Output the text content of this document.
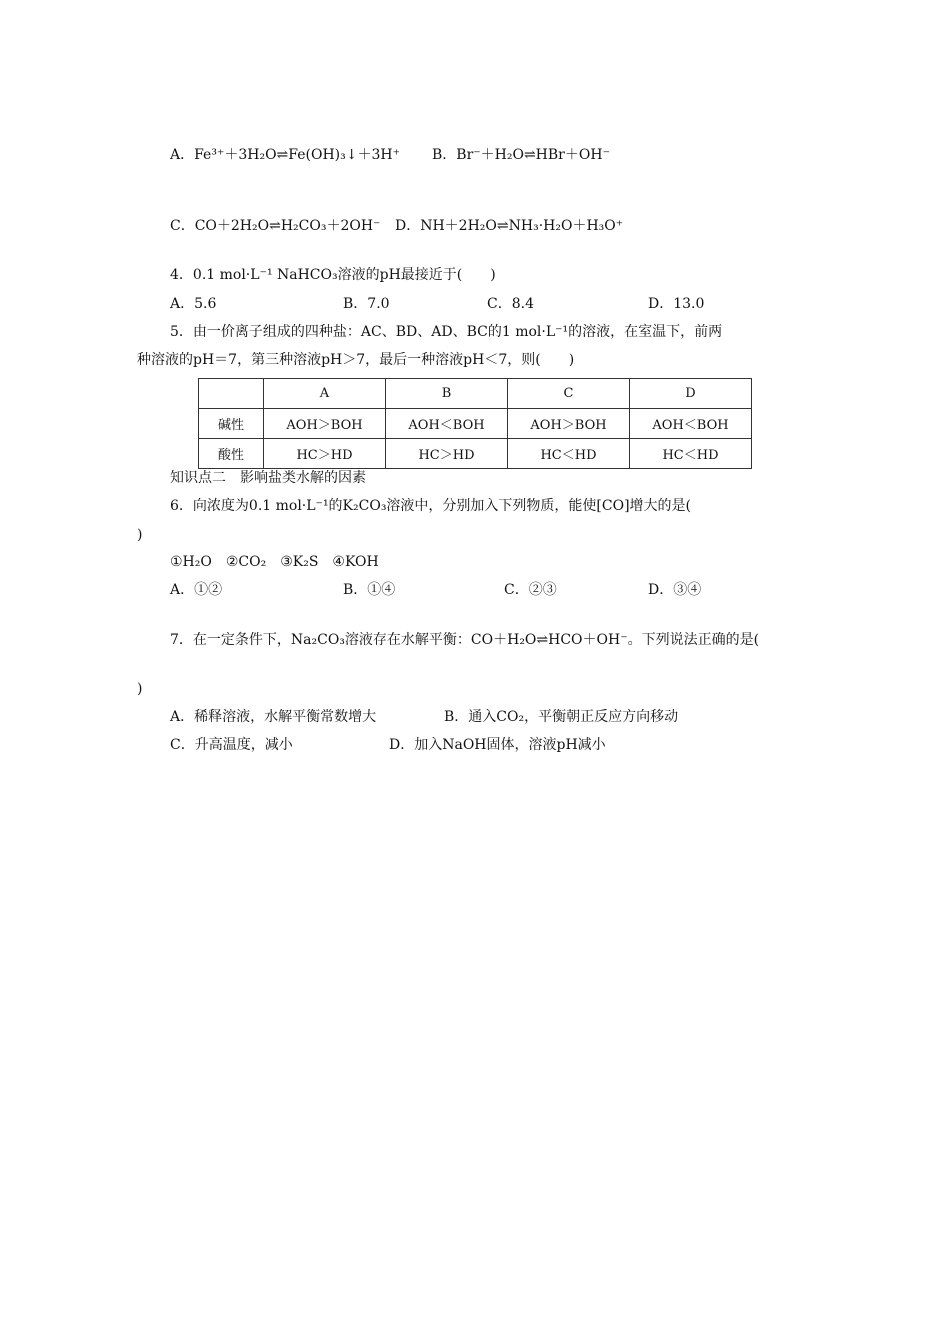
A．Fe³⁺＋3H₂O⇌Fe(OH)₃↓＋3H⁺ B．Br⁻＋H₂O⇌HBr＋OH⁻
C．CO＋2H₂O⇌H₂CO₃＋2OH⁻ D．NH＋2H₂O⇌NH₃·H₂O＋H₃O⁺
4．0.1 mol·L⁻¹ NaHCO₃溶液的pH最接近于(　　)
A．5.6	B．7.0	C．8.4	D．13.0
5．由一价离子组成的四种盐：AC、BD、AD、BC的1 mol·L⁻¹的溶液，在室温下，前两
种溶液的pH＝7，第三种溶液pH＞7，最后一种溶液pH＜7，则(　　)
	A	B	C	D
碱性	AOH＞BOH	AOH＜BOH	AOH＞BOH	AOH＜BOH
酸性	HC＞HD	HC＞HD	HC＜HD	HC＜HD
知识点二　影响盐类水解的因素
6．向浓度为0.1 mol·L⁻¹的K₂CO₃溶液中，分别加入下列物质，能使[CO]增大的是(
)
①H₂O　②CO₂　③K₂S　④KOH
A．①②	B．①④	C．②③	D．③④
7．在一定条件下，Na₂CO₃溶液存在水解平衡：CO＋H₂O⇌HCO＋OH⁻。下列说法正确的是(
)
A．稀释溶液，水解平衡常数增大	B．通入CO₂，平衡朝正反应方向移动
C．升高温度，减小	D．加入NaOH固体，溶液pH减小
